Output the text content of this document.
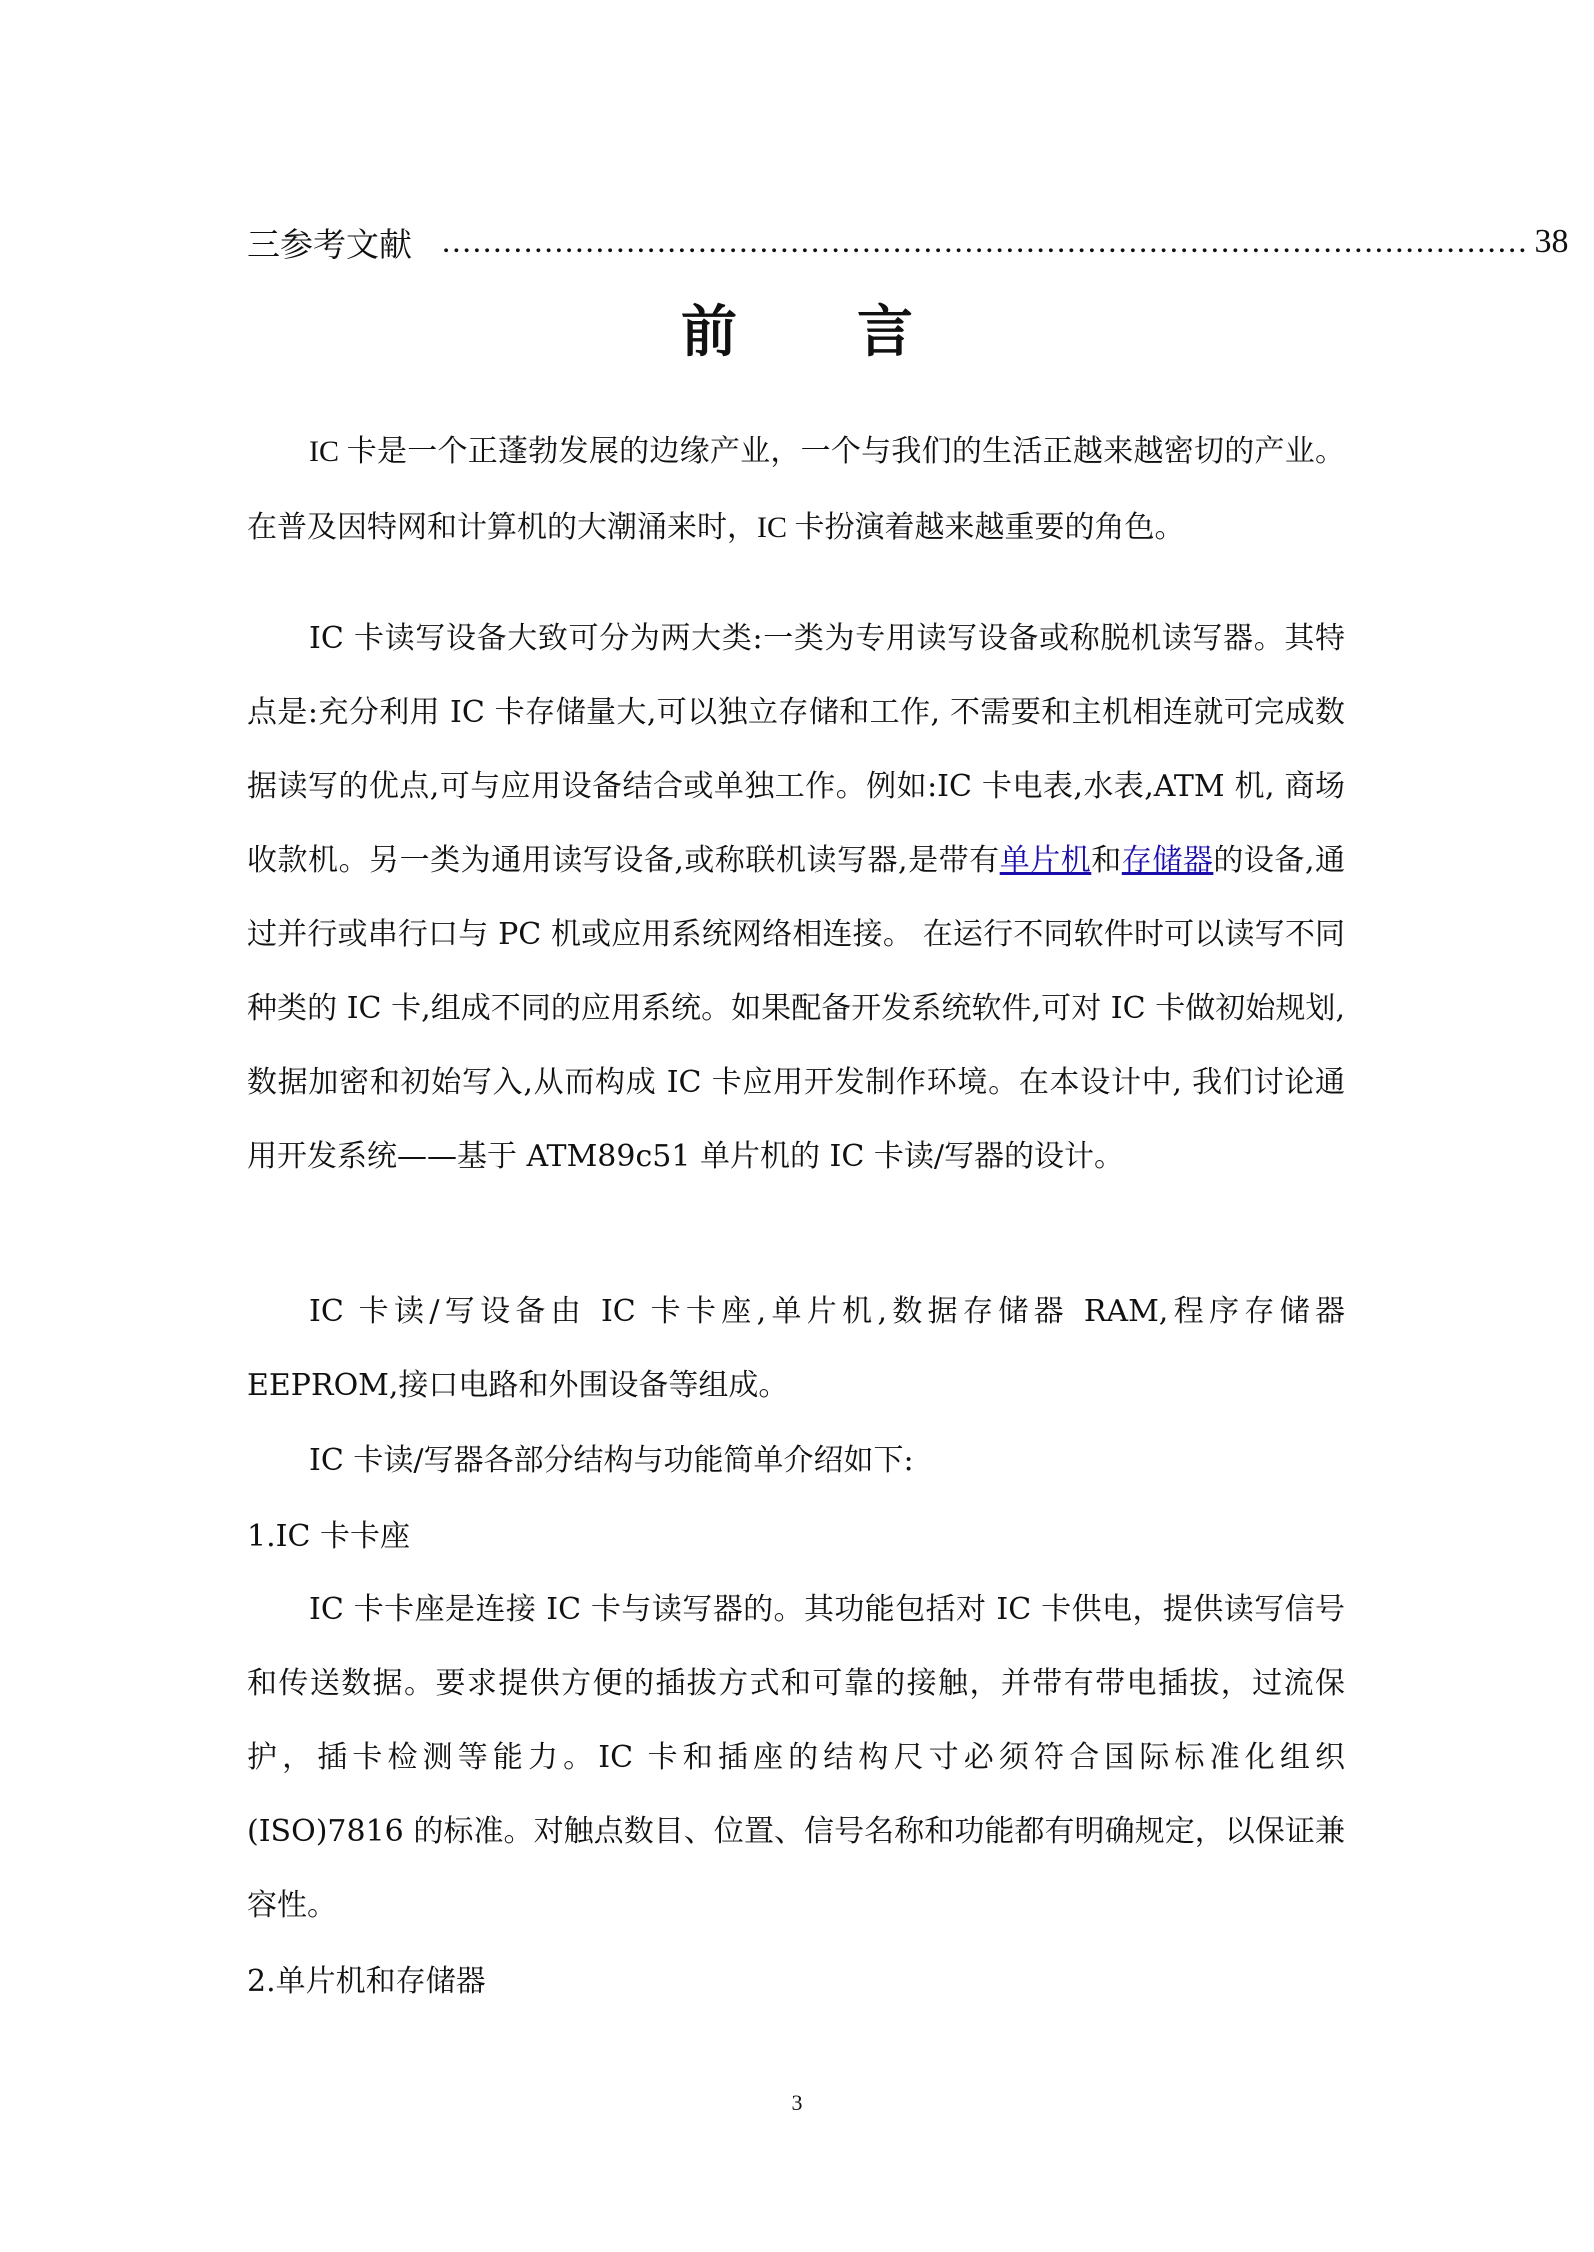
三 参考文献 .......................................................................................................... 38
前 言

IC 卡是一个正蓬勃发展的边缘产业，一个与我们的生活正越来越密切的产业。在普及因特网和计算机的大潮涌来时，IC 卡扮演着越来越重要的角色。

IC 卡读写设备大致可分为两大类:一类为专用读写设备或称脱机读写器。其特点是:充分利用 IC 卡存储量大,可以独立存储和工作, 不需要和主机相连就可完成数据读写的优点,可与应用设备结合或单独工作。例如:IC 卡电表,水表,ATM 机, 商场收款机。另一类为通用读写设备,或称联机读写器,是带有单片机和存储器的设备,通过并行或串行口与 PC 机或应用系统网络相连接。 在运行不同软件时可以读写不同种类的 IC 卡,组成不同的应用系统。如果配备开发系统软件,可对 IC 卡做初始规划,数据加密和初始写入,从而构成 IC 卡应用开发制作环境。在本设计中, 我们讨论通用开发系统——基于 ATM89c51 单片机的 IC 卡读/写器的设计。

IC 卡读/写设备由 IC 卡卡座,单片机,数据存储器 RAM,程序存储器 EEPROM,接口电路和外围设备等组成。

IC 卡读/写器各部分结构与功能简单介绍如下:

1.IC 卡卡座

IC 卡卡座是连接 IC 卡与读写器的。其功能包括对 IC 卡供电，提供读写信号和传送数据。要求提供方便的插拔方式和可靠的接触，并带有带电插拔，过流保护，插卡检测等能力。IC 卡和插座的结构尺寸必须符合国际标准化组织(ISO)7816 的标准。对触点数目、位置、信号名称和功能都有明确规定，以保证兼容性。

2.单片机和存储器

3
